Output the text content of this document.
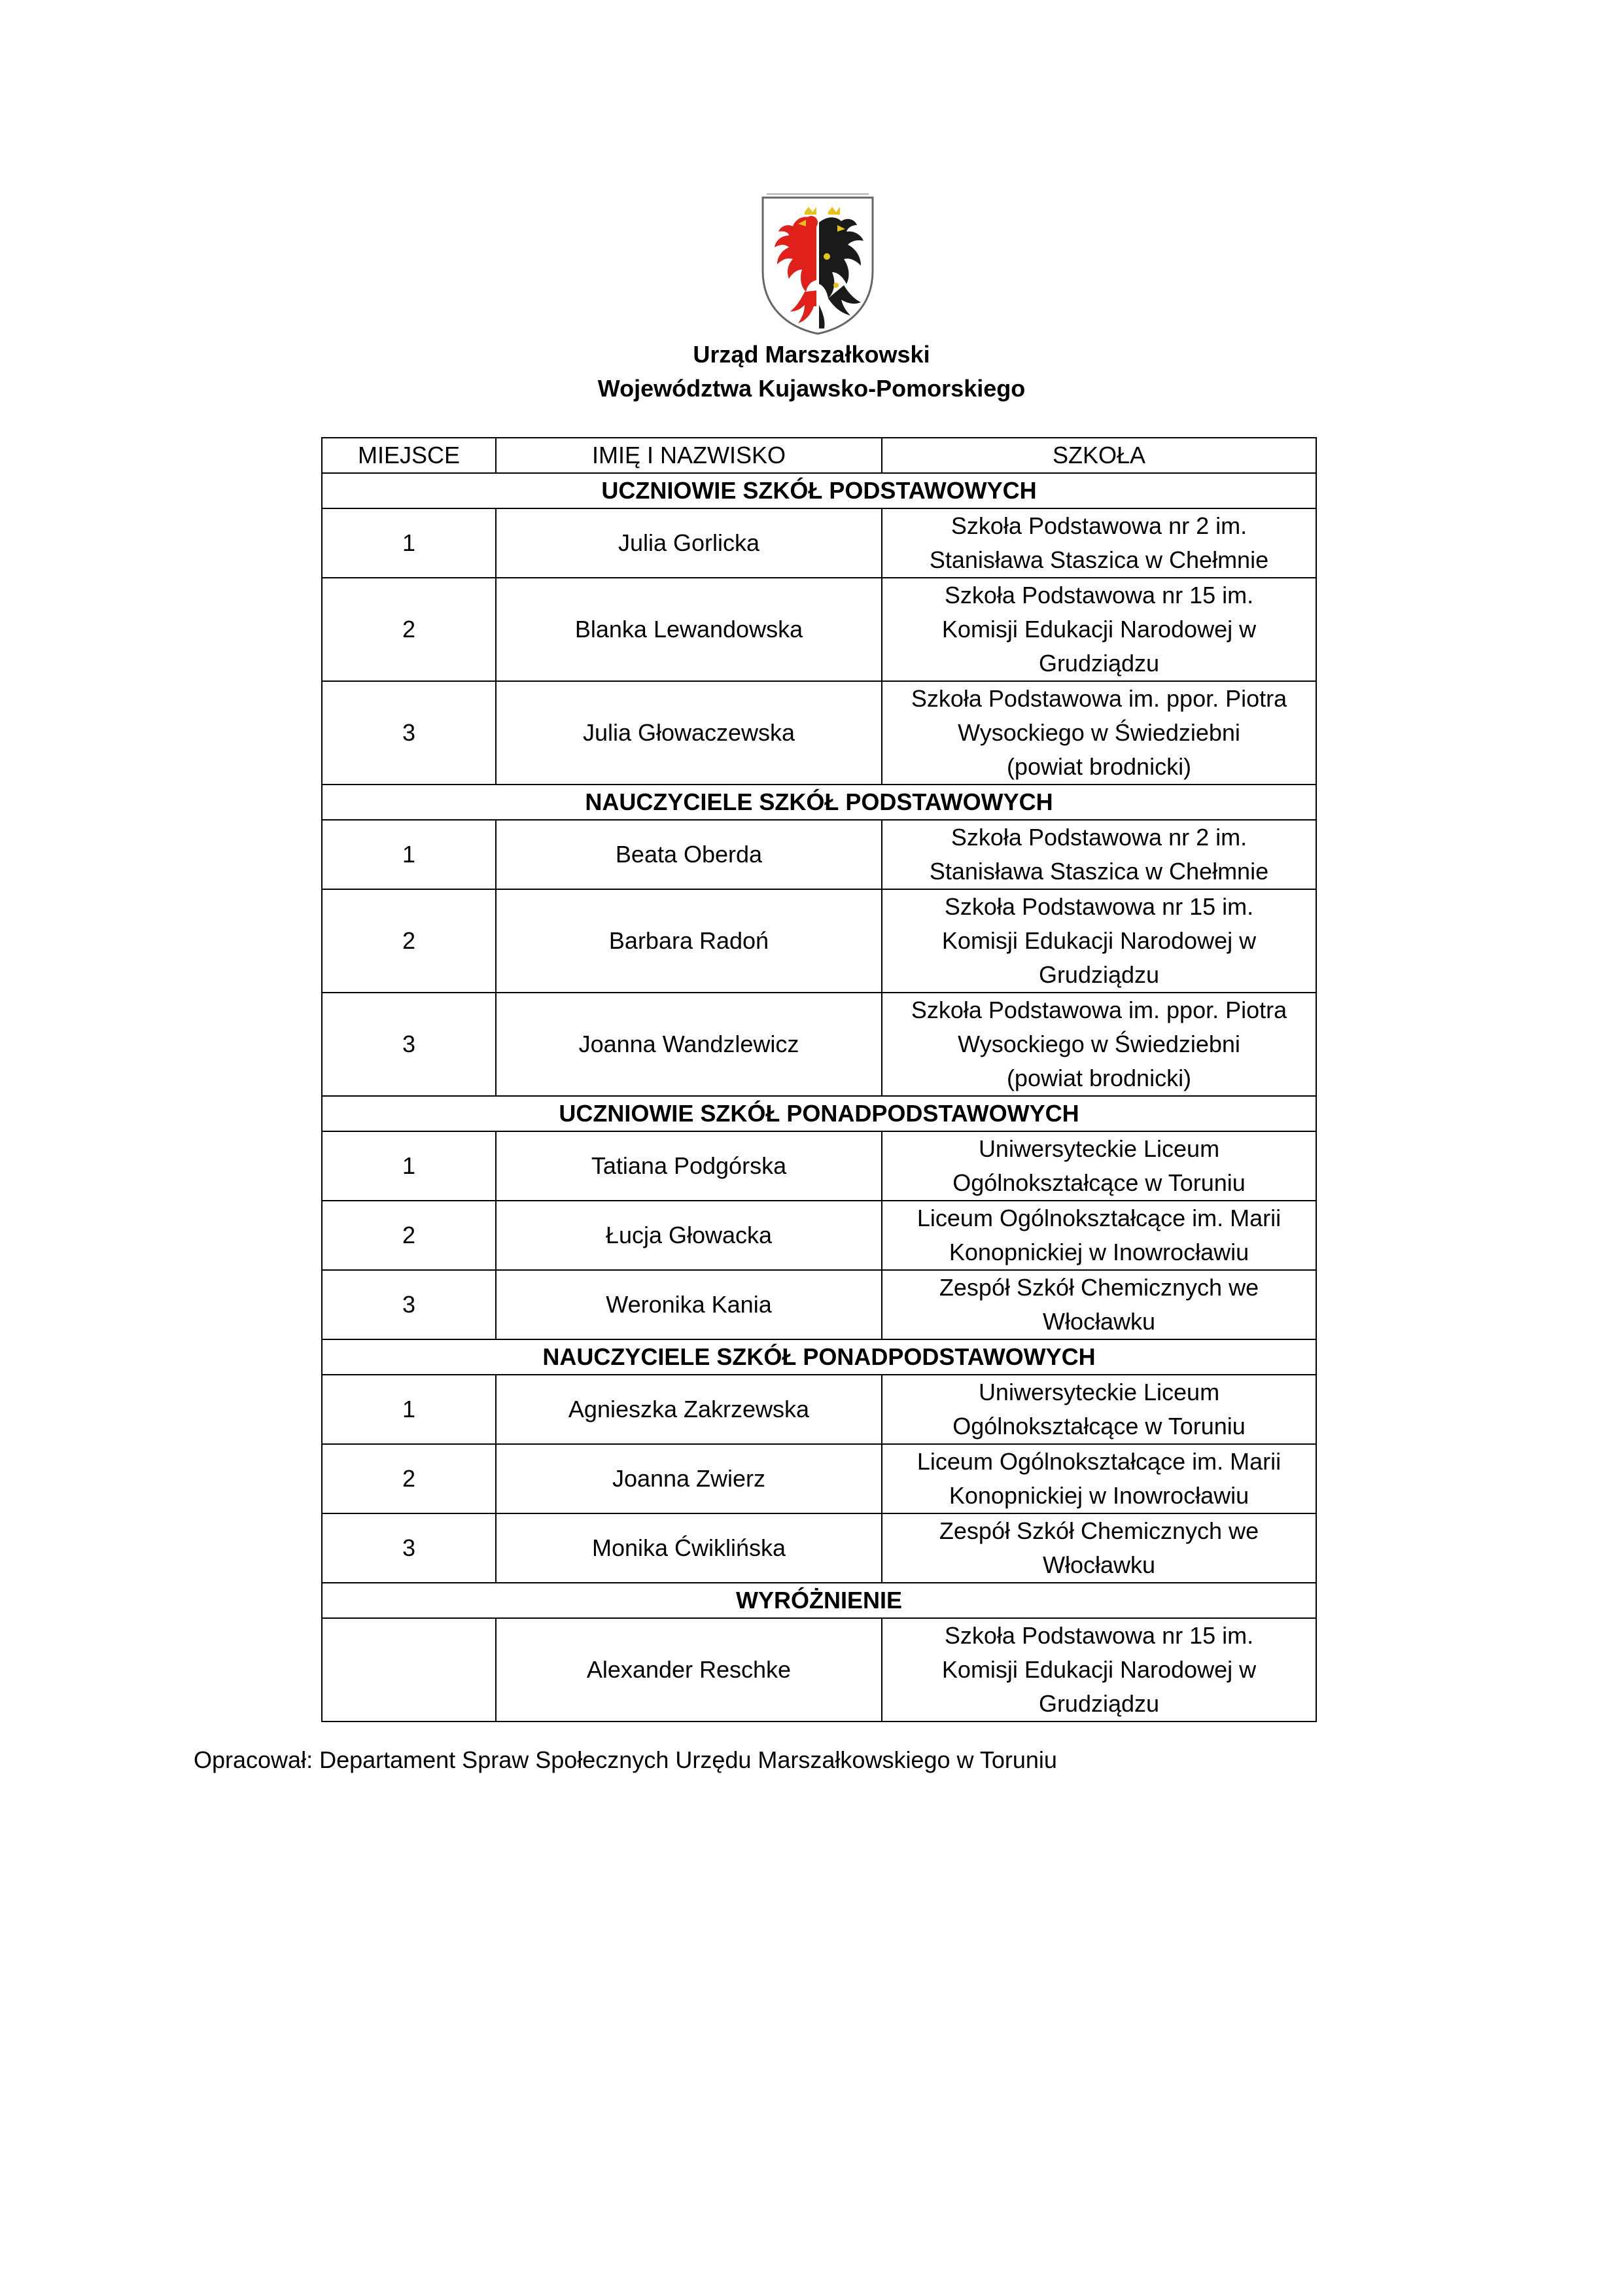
Urząd Marszałkowski
Województwa Kujawsko-Pomorskiego
MIEJSCE	IMIĘ I NAZWISKO	SZKOŁA
UCZNIOWIE SZKÓŁ PODSTAWOWYCH		
1	Julia Gorlicka	Szkoła Podstawowa nr 2 im.
Stanisława Staszica w Chełmnie

2	Blanka Lewandowska	Szkoła Podstawowa nr 15 im.
Komisji Edukacji Narodowej w
Grudziądzu

3	Julia Głowaczewska	Szkoła Podstawowa im. ppor. Piotra
Wysockiego w Świedziebni
(powiat brodnicki)

NAUCZYCIELE SZKÓŁ PODSTAWOWYCH		
1	Beata Oberda	Szkoła Podstawowa nr 2 im.
Stanisława Staszica w Chełmnie

2	Barbara Radoń	Szkoła Podstawowa nr 15 im.
Komisji Edukacji Narodowej w
Grudziądzu

3	Joanna Wandzlewicz	Szkoła Podstawowa im. ppor. Piotra
Wysockiego w Świedziebni
(powiat brodnicki)

UCZNIOWIE SZKÓŁ PONADPODSTAWOWYCH		
1	Tatiana Podgórska	Uniwersyteckie Liceum
Ogólnokształcące w Toruniu

2	Łucja Głowacka	Liceum Ogólnokształcące im. Marii
Konopnickiej w Inowrocławiu

3	Weronika Kania	Zespół Szkół Chemicznych we
Włocławku

NAUCZYCIELE SZKÓŁ PONADPODSTAWOWYCH		
1	Agnieszka Zakrzewska	Uniwersyteckie Liceum
Ogólnokształcące w Toruniu

2	Joanna Zwierz	Liceum Ogólnokształcące im. Marii
Konopnickiej w Inowrocławiu

3	Monika Ćwiklińska	Zespół Szkół Chemicznych we
Włocławku

WYRÓŻNIENIE		
	Alexander Reschke	Szkoła Podstawowa nr 15 im.
Komisji Edukacji Narodowej w
Grudziądzu
Opracował: Departament Spraw Społecznych Urzędu Marszałkowskiego w Toruniu
